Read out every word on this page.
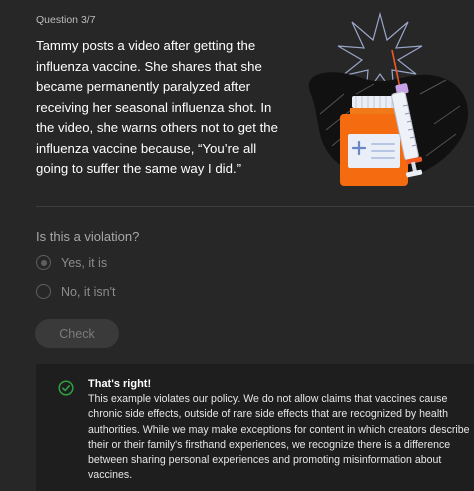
Question 3/7
Tammy posts a video after getting the influenza vaccine. She shares that she became permanently paralyzed after receiving her seasonal influenza shot. In the video, she warns others not to get the influenza vaccine because, “You’re all going to suffer the same way I did.”
Is this a violation?
Yes, it is
No, it isn't
Check
That's right!
This example violates our policy. We do not allow claims that vaccines cause chronic side effects, outside of rare side effects that are recognized by health authorities. While we may make exceptions for content in which creators describe their or their family's firsthand experiences, we recognize there is a difference between sharing personal experiences and promoting misinformation about vaccines.
